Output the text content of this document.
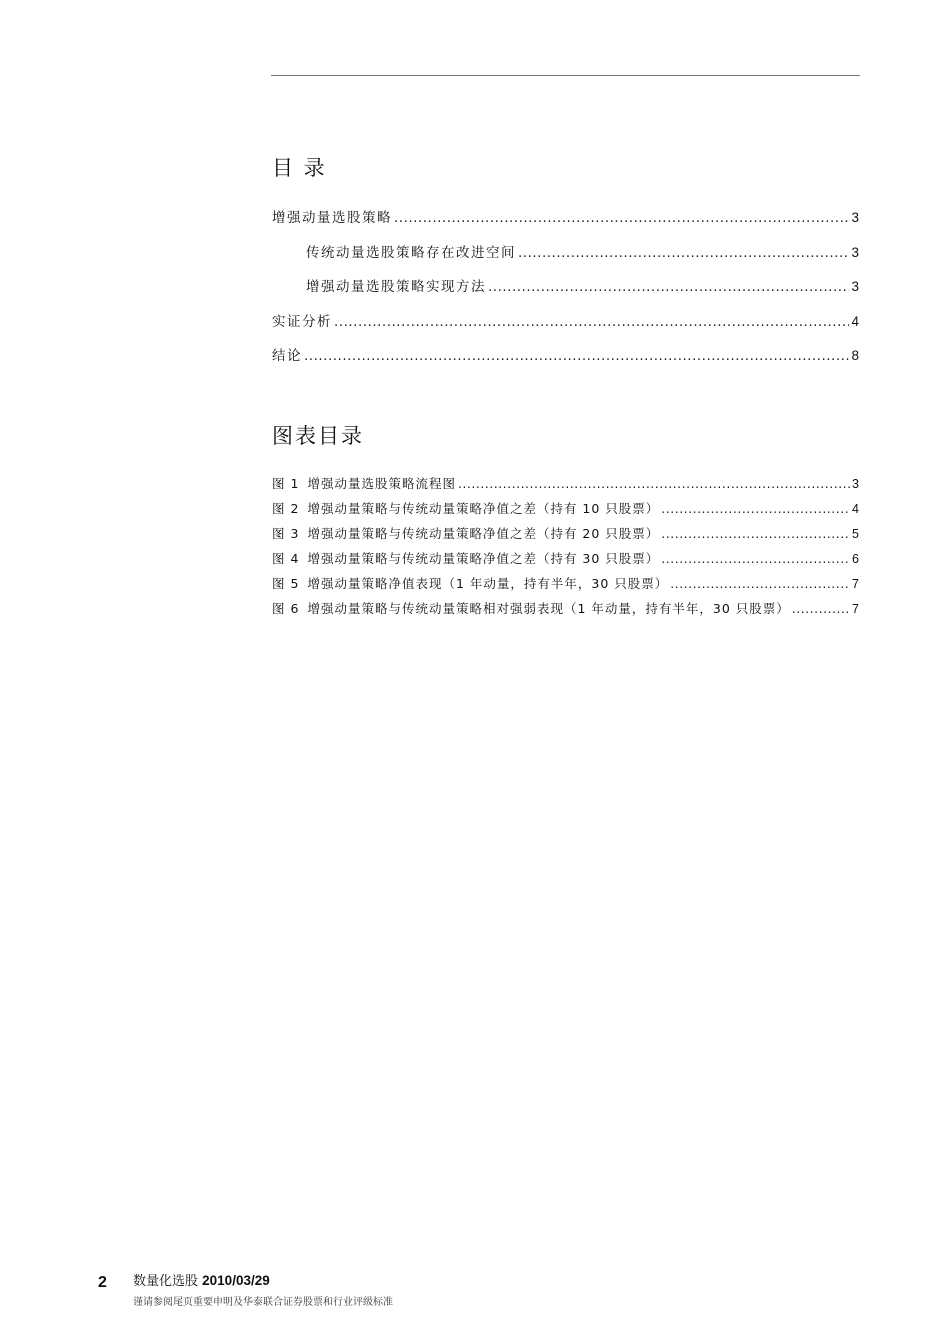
目 录
增强动量选股策略 .....	3
传统动量选股策略存在改进空间 .....	3
增强动量选股策略实现方法 .....	3
实证分析 .....	4
结论 .....	8
图表目录
图 1 增强动量选股策略流程图 .....	3
图 2 增强动量策略与传统动量策略净值之差（持有 10 只股票） .....	4
图 3 增强动量策略与传统动量策略净值之差（持有 20 只股票） .....	5
图 4 增强动量策略与传统动量策略净值之差（持有 30 只股票） .....	6
图 5 增强动量策略净值表现（1 年动量，持有半年，30 只股票） .....	7
图 6 增强动量策略与传统动量策略相对强弱表现（1 年动量，持有半年，30 只股票） .....	7
2 数量化选股 2010/03/29
谨请参阅尾页重要申明及华泰联合证券股票和行业评级标准
